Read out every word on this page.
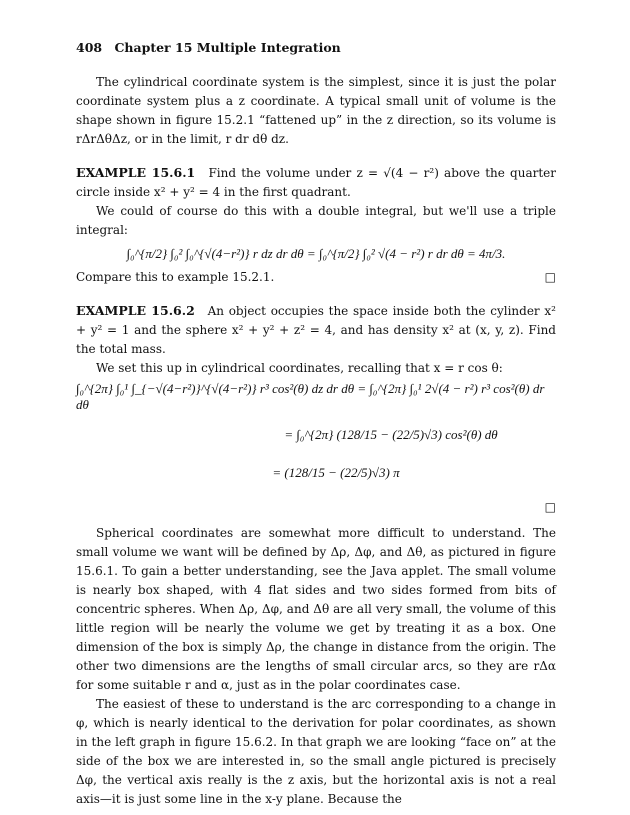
408 Chapter 15 Multiple Integration

The cylindrical coordinate system is the simplest, since it is just the polar coordinate system plus a z coordinate. A typical small unit of volume is the shape shown in figure 15.2.1 “fattened up” in the z direction, so its volume is rΔrΔθΔz, or in the limit, r dr dθ dz.

EXAMPLE 15.6.1 Find the volume under z = √(4 − r²) above the quarter circle inside x² + y² = 4 in the first quadrant.

We could of course do this with a double integral, but we'll use a triple integral:

∫₀^{π/2} ∫₀² ∫₀^{√(4−r²)} r dz dr dθ = ∫₀^{π/2} ∫₀² √(4 − r²) r dr dθ = 4π/3.

Compare this to example 15.2.1.	□

EXAMPLE 15.6.2 An object occupies the space inside both the cylinder x² + y² = 1 and the sphere x² + y² + z² = 4, and has density x² at (x, y, z). Find the total mass.

We set this up in cylindrical coordinates, recalling that x = r cos θ:

∫₀^{2π} ∫₀¹ ∫_{−√(4−r²)}^{√(4−r²)} r³ cos²(θ) dz dr dθ = ∫₀^{2π} ∫₀¹ 2√(4 − r²) r³ cos²(θ) dr dθ
= ∫₀^{2π} (128/15 − (22/5)√3) cos²(θ) dθ
= (128/15 − (22/5)√3) π
□

Spherical coordinates are somewhat more difficult to understand. The small volume we want will be defined by Δρ, Δφ, and Δθ, as pictured in figure 15.6.1. To gain a better understanding, see the Java applet. The small volume is nearly box shaped, with 4 flat sides and two sides formed from bits of concentric spheres. When Δρ, Δφ, and Δθ are all very small, the volume of this little region will be nearly the volume we get by treating it as a box. One dimension of the box is simply Δρ, the change in distance from the origin. The other two dimensions are the lengths of small circular arcs, so they are rΔα for some suitable r and α, just as in the polar coordinates case.

The easiest of these to understand is the arc corresponding to a change in φ, which is nearly identical to the derivation for polar coordinates, as shown in the left graph in figure 15.6.2. In that graph we are looking “face on” at the side of the box we are interested in, so the small angle pictured is precisely Δφ, the vertical axis really is the z axis, but the horizontal axis is not a real axis—it is just some line in the x-y plane. Because the
